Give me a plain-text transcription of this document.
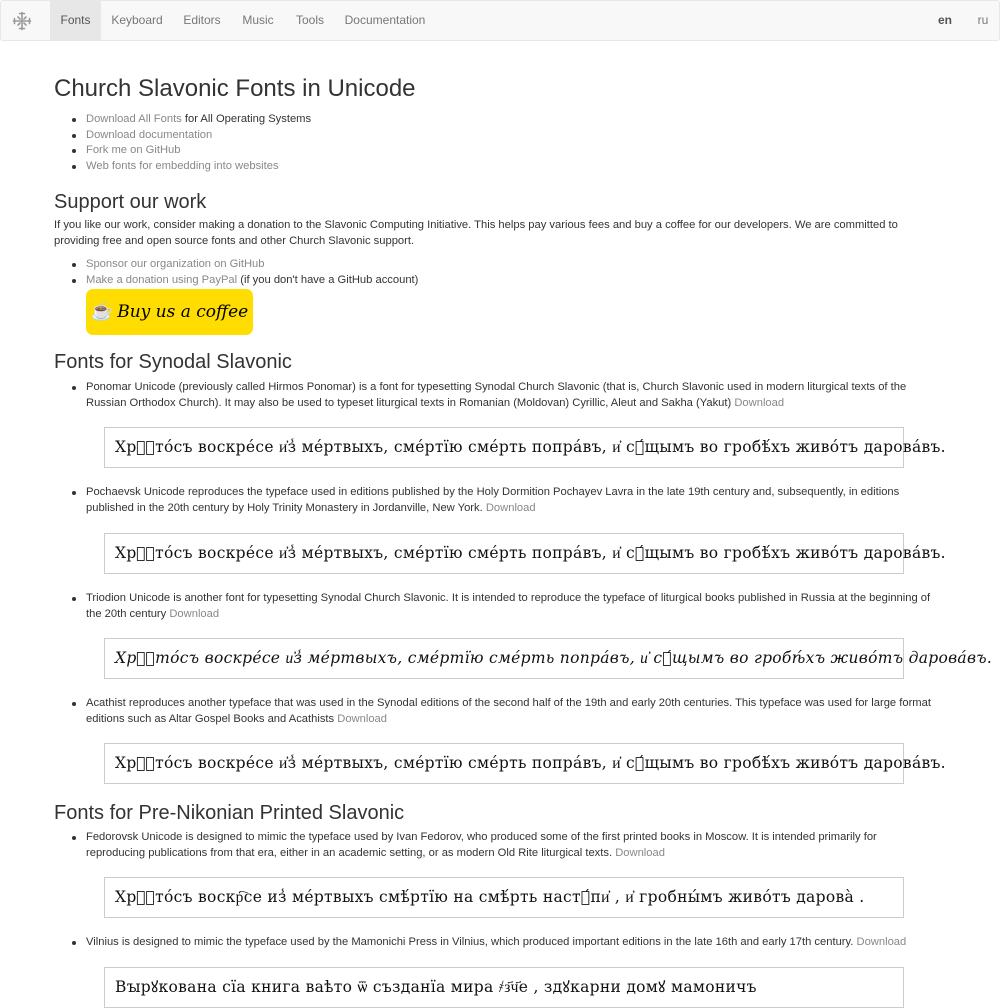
Fonts	Keyboard	Editors	Music	Tools	Documentation	en	ru
Church Slavonic Fonts in Unicode
Download All Fonts for All Operating Systems
Download documentation
Fork me on GitHub
Web fonts for embedding into websites
Support our work

If you like our work, consider making a donation to the Slavonic Computing Initiative. This helps pay various fees and buy a coffee for our developers. We are committed to providing free and open source fonts and other Church Slavonic support.

Sponsor our organization on GitHub
Make a donation using PayPal (if you don't have a GitHub account)
☕ Buy us a coffee
Fonts for Synodal Slavonic
Ponomar Unicode (previously called Hirmos Ponomar) is a font for typesetting Synodal Church Slavonic (that is, Church Slavonic used in modern liturgical texts of the Russian Orthodox Church). It may also be used to typeset liturgical texts in Romanian (Moldovan) Cyrillic, Aleut and Sakha (Yakut) Download
Pochaevsk Unicode reproduces the typeface used in editions published by the Holy Dormition Pochayev Lavra in the late 19th century and, subsequently, in editions published in the 20th century by Holy Trinity Monastery in Jordanville, New York. Download
Triodion Unicode is another font for typesetting Synodal Church Slavonic. It is intended to reproduce the typeface of liturgical books published in Russia at the beginning of the 20th century Download
Acathist reproduces another typeface that was used in the Synodal editions of the second half of the 19th and early 20th centuries. This typeface was used for large format editions such as Altar Gospel Books and Acathists Download
Хрⷭ҇то́съ воскре́се и҆з̾ ме́ртвыхъ, сме́ртїю сме́рть попра́въ, и҆ сꙋ́щымъ во гробѣ́хъ живо́тъ дарова́въ.
Хрⷭ҇то́съ воскре́се и҆з̾ ме́ртвыхъ, сме́ртїю сме́рть попра́въ, и҆ сꙋ́щымъ во гробѣ́хъ живо́тъ дарова́въ.
Хрⷭ҇то́съ воскре́се и҆з̾ ме́ртвыхъ, сме́ртїю сме́рть попра́въ, и҆ сꙋ́щымъ во гробѣ́хъ живо́тъ дарова́въ.
Хрⷭ҇то́съ воскре́се и҆з̾ ме́ртвыхъ, сме́ртїю сме́рть попра́въ, и҆ сꙋ́щымъ во гробѣ́хъ живо́тъ дарова́въ.
Fonts for Pre-Nikonian Printed Slavonic
Fedorovsk Unicode is designed to mimic the typeface used by Ivan Fedorov, who produced some of the first printed books in Moscow. It is intended primarily for reproducing publications from that era, either in an academic setting, or as modern Old Rite liturgical texts. Download
Vilnius is designed to mimic the typeface used by the Mamonichi Press in Vilnius, which produced important editions in the late 16th and early 17th century. Download
Хрⷭ҇то́съ воскр҇се из̾ ме́ртвыхъ смѣ́ртїю на смѣ́рть настꙋ́пи҆ , и҆ гробны́мъ живо́тъ дарова̀ .
Вꙑрꙋкована сїа книга ваѣто ѿ създанїа мира ҂з҃ч҃е , здꙋкарни домꙋ мамоничъ
